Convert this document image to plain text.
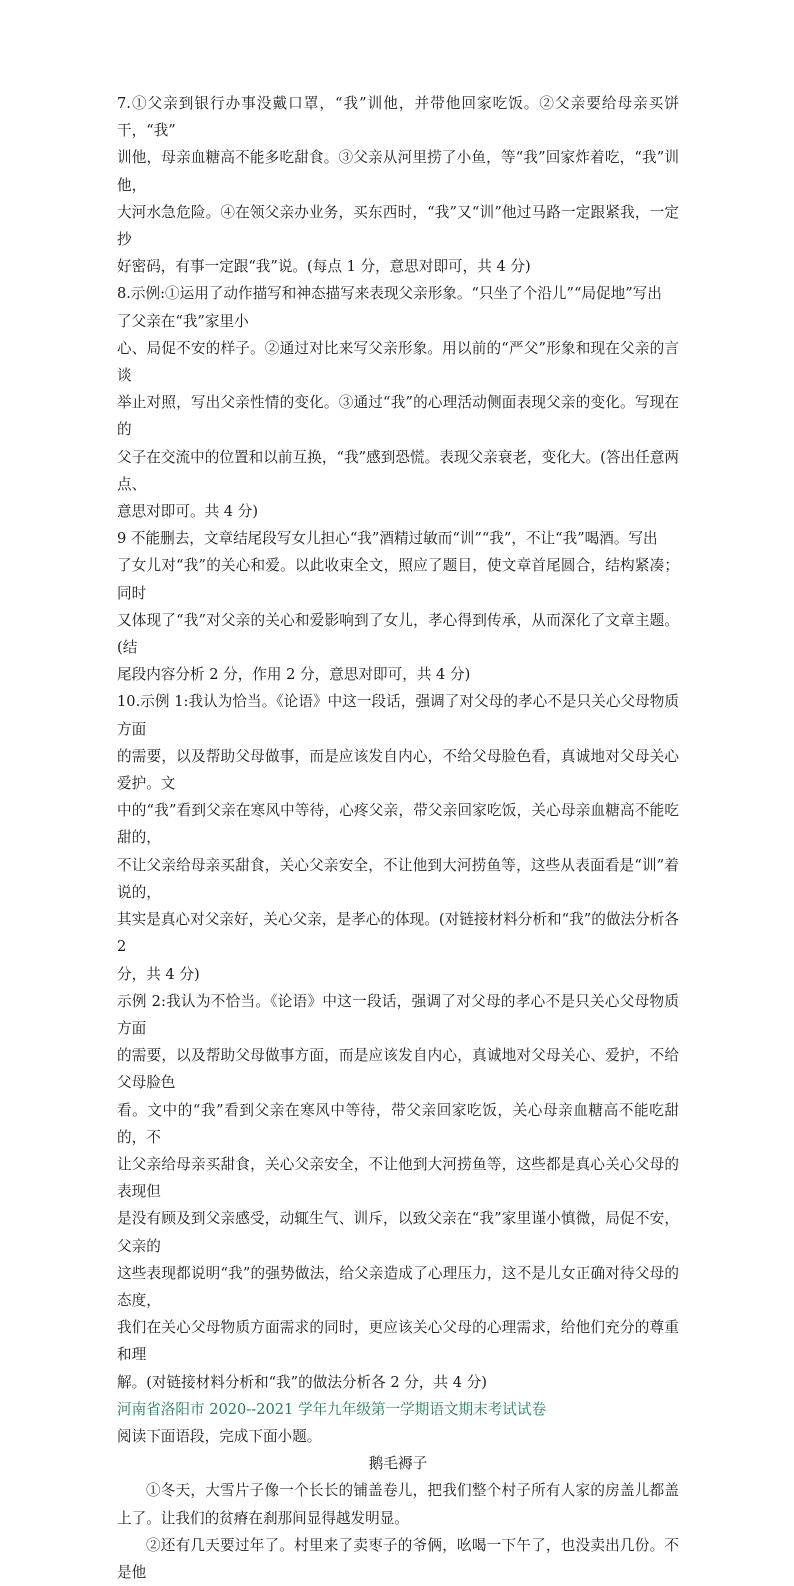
7.①父亲到银行办事没戴口罩，“我”训他，并带他回家吃饭。②父亲要给母亲买饼干，“我”
训他，母亲血糖高不能多吃甜食。③父亲从河里捞了小鱼，等“我”回家炸着吃，“我”训他，
大河水急危险。④在领父亲办业务，买东西时，“我”又“训”他过马路一定跟紧我，一定抄
好密码，有事一定跟“我”说。(每点 1 分，意思对即可，共 4 分)

8.示例:①运用了动作描写和神态描写来表现父亲形象。“只坐了个沿儿”“局促地”写出
了父亲在“我”家里小
心、局促不安的样子。②通过对比来写父亲形象。用以前的“严父”形象和现在父亲的言谈
举止对照，写出父亲性情的变化。③通过“我”的心理活动侧面表现父亲的变化。写现在的
父子在交流中的位置和以前互换，“我”感到恐慌。表现父亲衰老，变化大。(答出任意两点、
意思对即可。共 4 分)

9 不能删去，文章结尾段写女儿担心“我”酒精过敏而“训”“我”，不让“我”喝酒。写出
了女儿对“我”的关心和爱。以此收束全文，照应了题目，使文章首尾圆合，结构紧凑；同时
又体现了“我”对父亲的关心和爱影响到了女儿，孝心得到传承，从而深化了文章主题。(结
尾段内容分析 2 分，作用 2 分，意思对即可，共 4 分)

10.示例 1:我认为恰当。《论语》中这一段话，强调了对父母的孝心不是只关心父母物质方面
的需要，以及帮助父母做事，而是应该发自内心，不给父母脸色看，真诚地对父母关心爱护。文
中的“我”看到父亲在寒风中等待，心疼父亲，带父亲回家吃饭，关心母亲血糖高不能吃甜的，
不让父亲给母亲买甜食，关心父亲安全，不让他到大河捞鱼等，这些从表面看是“训”着说的，
其实是真心对父亲好，关心父亲，是孝心的体现。(对链接材料分析和“我”的做法分析各 2
分，共 4 分)

示例 2:我认为不恰当。《论语》中这一段话，强调了对父母的孝心不是只关心父母物质方面
的需要，以及帮助父母做事方面，而是应该发自内心，真诚地对父母关心、爱护，不给父母脸色
看。文中的“我”看到父亲在寒风中等待，带父亲回家吃饭，关心母亲血糖高不能吃甜的，不
让父亲给母亲买甜食，关心父亲安全，不让他到大河捞鱼等，这些都是真心关心父母的表现但
是没有顾及到父亲感受，动辄生气、训斥，以致父亲在“我”家里谨小慎微，局促不安，父亲的
这些表现都说明“我”的强势做法，给父亲造成了心理压力，这不是儿女正确对待父母的态度，
我们在关心父母物质方面需求的同时，更应该关心父母的心理需求，给他们充分的尊重和理
解。(对链接材料分析和“我”的做法分析各 2 分，共 4 分)

河南省洛阳市 2020--2021 学年九年级第一学期语文期末考试试卷

阅读下面语段，完成下面小题。

鹅毛褥子

①冬天，大雪片子像一个长长的铺盖卷儿，把我们整个村子所有人家的房盖儿都盖上了。让我们的贫瘠在刹那间显得越发明显。

②还有几天要过年了。村里来了卖枣子的爷俩，吆喝一下午了，也没卖出几份。不是他
